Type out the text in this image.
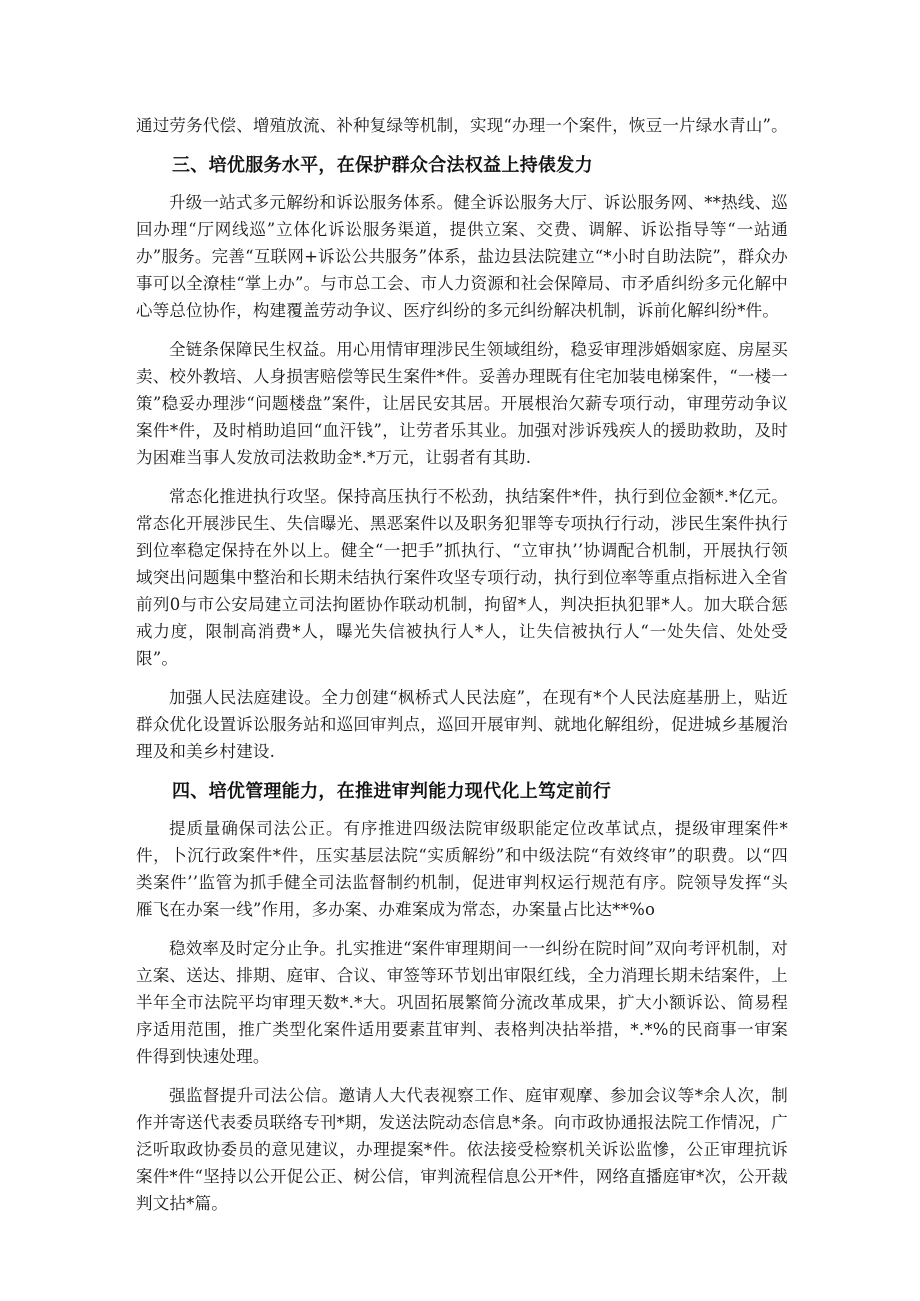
通过劳务代偿、增殖放流、补种复绿等机制，实现“办理一个案件，恢豆一片绿水青山”。

三、培优服务水平，在保护群众合法权益上持俵发力

升级一站式多元解纷和诉讼服务体系。健全诉讼服务大厅、诉讼服务网、**热线、巡回办理“厅网线巡”立体化诉讼服务渠道，提供立案、交费、调解、诉讼指导等“一站通办”服务。完善“互联网+诉讼公共服务”体系，盐边县法院建立“*小时自助法院”，群众办事可以全潦桂“掌上办”。与市总工会、市人力资源和社会保障局、市矛盾纠纷多元化解中心等总位协作，构建覆盖劳动争议、医疗纠纷的多元纠纷解决机制，诉前化解纠纷*件。

全链条保障民生权益。用心用情审理涉民生领域组纷，稳妥审理涉婚姻家庭、房屋买卖、校外教培、人身损害赔偿等民生案件*件。妥善办理既有住宅加装电梯案件，“一楼一策”稳妥办理涉“问题楼盘”案件，让居民安其居。开展根治欠薪专项行动，审理劳动争议案件*件，及时梢助追回“血汗钱”，让劳者乐其业。加强对涉诉残疾人的援助救助，及时为困难当事人发放司法救助金*.*万元，让弱者有其助.

常态化推进执行攻坚。保持高压执行不松劲，执结案件*件，执行到位金额*.*亿元。常态化开展涉民生、失信曝光、黑恶案件以及职务犯罪等专项执行行动，涉民生案件执行到位率稳定保持在外以上。健全“一把手”抓执行、“立审执’’协调配合机制，开展执行领域突出问题集中整治和长期未结执行案件攻坚专项行动，执行到位率等重点指标进入全省前列0与市公安局建立司法拘匿协作联动机制，拘留*人，判决拒执犯罪*人。加大联合惩戒力度，限制高消费*人，曝光失信被执行人*人，让失信被执行人“一处失信、处处受限”。

加强人民法庭建设。全力创建“枫桥式人民法庭”，在现有*个人民法庭基册上，贴近群众优化设置诉讼服务站和巡回审判点，巡回开展审判、就地化解组纷，促进城乡基履治理及和美乡村建设.

四、培优管理能力，在推进审判能力现代化上笃定前行

提质量确保司法公正。有序推进四级法院审级职能定位改革试点，提级审理案件*件，卜沉行政案件*件，压实基层法院“实质解纷”和中级法院“有效终审”的职费。以“四类案件’’监管为抓手健全司法监督制约机制，促进审判权运行规范有序。院领导发挥“头雁飞在办案一线”作用，多办案、办难案成为常态，办案量占比达**%o

稳效率及时定分止争。扎实推进“案件审理期间一一纠纷在院时间”双向考评机制，对立案、送达、排期、庭审、合议、审签等环节划出审限红线，全力消理长期未结案件，上半年全市法院平均审理天数*.*大。巩固拓展繁简分流改革成果，扩大小额诉讼、简易程序适用范围，推广类型化案件适用要素苴审判、表格判决拈举措，*.*%的民商事一审案件得到快速处理。

强监督提升司法公信。邀请人大代表视察工作、庭审观摩、参加会议等*余人次，制作并寄送代表委员联络专刊*期，发送法院动态信息*条。向市政协通报法院工作情况，广泛听取政协委员的意见建议，办理提案*件。依法接受检察机关诉讼监慘，公正审理抗诉案件*件“坚持以公开促公正、树公信，审判流程信息公开*件，网络直播庭审*次，公开裁判文拈*篇。
